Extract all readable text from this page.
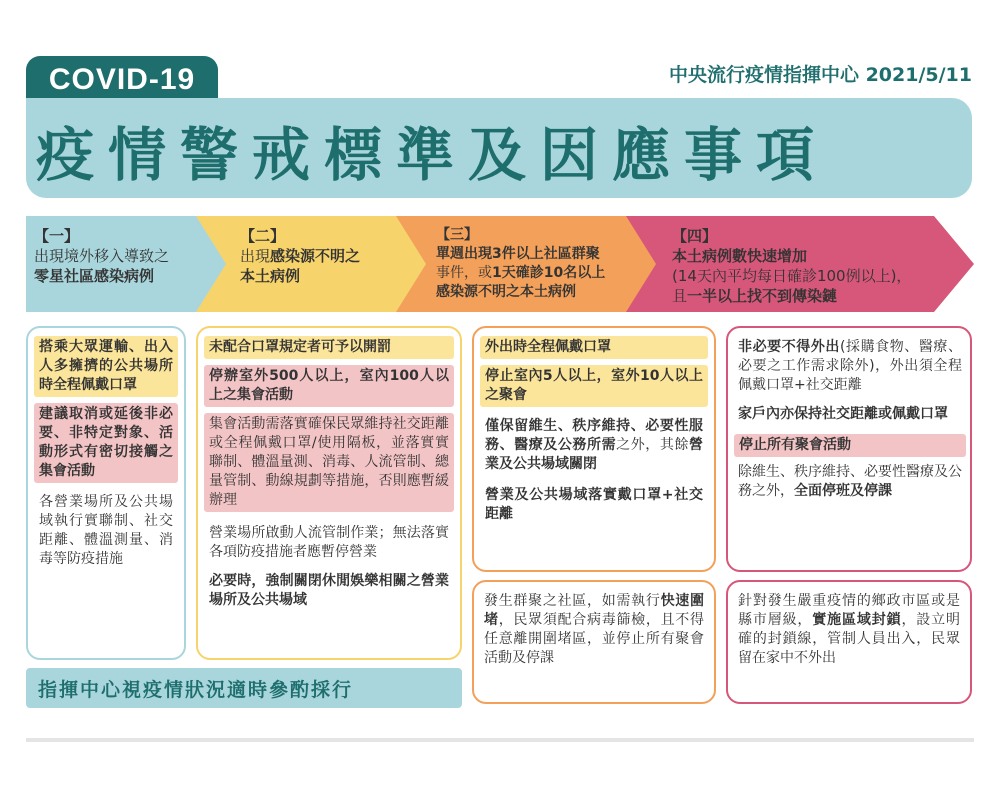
COVID-19	中央流行疫情指揮中心 2021/5/11
疫情警戒標準及因應事項
【一】
出現境外移入導致之
零星社區感染病例
【二】
出現感染源不明之
本土病例
【三】
單週出現3件以上社區群聚
事件，或1天確診10名以上
感染源不明之本土病例
【四】
本土病例數快速增加
(14天內平均每日確診100例以上)，
且一半以上找不到傳染鏈
搭乘大眾運輸、出入人多擁擠的公共場所時全程佩戴口罩
建議取消或延後非必要、非特定對象、活動形式有密切接觸之集會活動
各營業場所及公共場域執行實聯制、社交距離、體溫測量、消毒等防疫措施
未配合口罩規定者可予以開罰
停辦室外500人以上，室內100人以上之集會活動
集會活動需落實確保民眾維持社交距離或全程佩戴口罩/使用隔板，並落實實聯制、體溫量測、消毒、人流管制、總量管制、動線規劃等措施，否則應暫緩辦理
營業場所啟動人流管制作業；無法落實各項防疫措施者應暫停營業
必要時，強制關閉休閒娛樂相關之營業場所及公共場域
外出時全程佩戴口罩
停止室內5人以上，室外10人以上之聚會
僅保留維生、秩序維持、必要性服務、醫療及公務所需之外，其餘營業及公共場域關閉
營業及公共場域落實戴口罩+社交距離
發生群聚之社區，如需執行快速圍堵，民眾須配合病毒篩檢，且不得任意離開圍堵區，並停止所有聚會活動及停課
非必要不得外出(採購食物、醫療、必要之工作需求除外)，外出須全程佩戴口罩+社交距離
家戶內亦保持社交距離或佩戴口罩
停止所有聚會活動
除維生、秩序維持、必要性醫療及公務之外，全面停班及停課
針對發生嚴重疫情的鄉政市區或是縣市層級，實施區域封鎖，設立明確的封鎖線，管制人員出入，民眾留在家中不外出
指揮中心視疫情狀況適時參酌採行
